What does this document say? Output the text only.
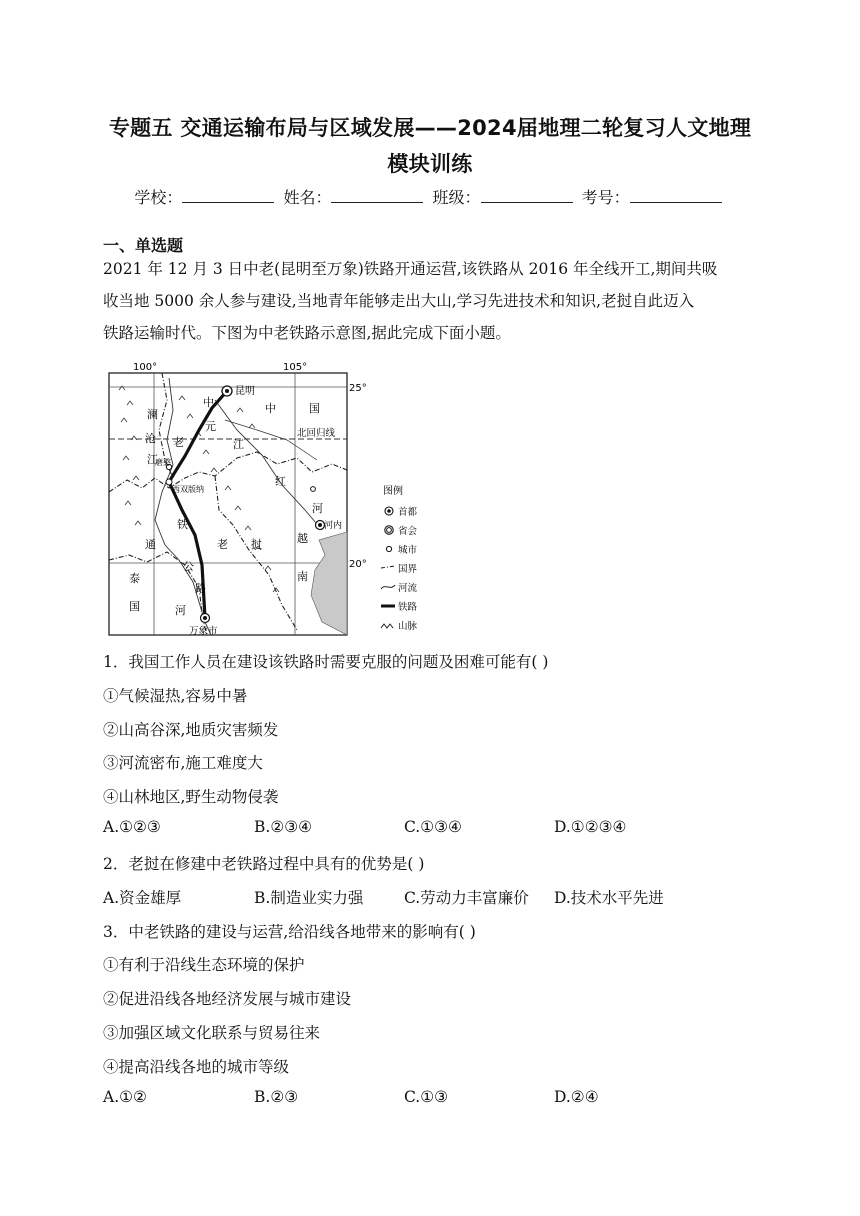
专题五 交通运输布局与区域发展——2024届地理二轮复习人文地理
模块训练
学校：	姓名：	班级：	考号：
一、单选题
2021 年 12 月 3 日中老(昆明至万象)铁路开通运营,该铁路从 2016 年全线开工,期间共吸
收当地 5000 余人参与建设,当地青年能够走出大山,学习先进技术和知识,老挝自此迈入
铁路运输时代。下图为中老铁路示意图,据此完成下面小题。
100°	105°
25°
20°
北回归线
昆明
磨憨
西双版纳
河内
万象市
中	中	国
澜
沧
江
老
元
江
红
河
铁
通	老 挝	越
公
泰	南
路
国	河
图例
首都
省会
城市
国界
河流
铁路
山脉
1．我国工作人员在建设该铁路时需要克服的问题及困难可能有( )
①气候湿热,容易中暑
②山高谷深,地质灾害频发
③河流密布,施工难度大
④山林地区,野生动物侵袭
A.①②③	B.②③④	C.①③④	D.①②③④
2．老挝在修建中老铁路过程中具有的优势是( )
A.资金雄厚	B.制造业实力强	C.劳动力丰富廉价 D.技术水平先进
3．中老铁路的建设与运营,给沿线各地带来的影响有( )
①有利于沿线生态环境的保护
②促进沿线各地经济发展与城市建设
③加强区域文化联系与贸易往来
④提高沿线各地的城市等级
A.①②	B.②③	C.①③	D.②④
